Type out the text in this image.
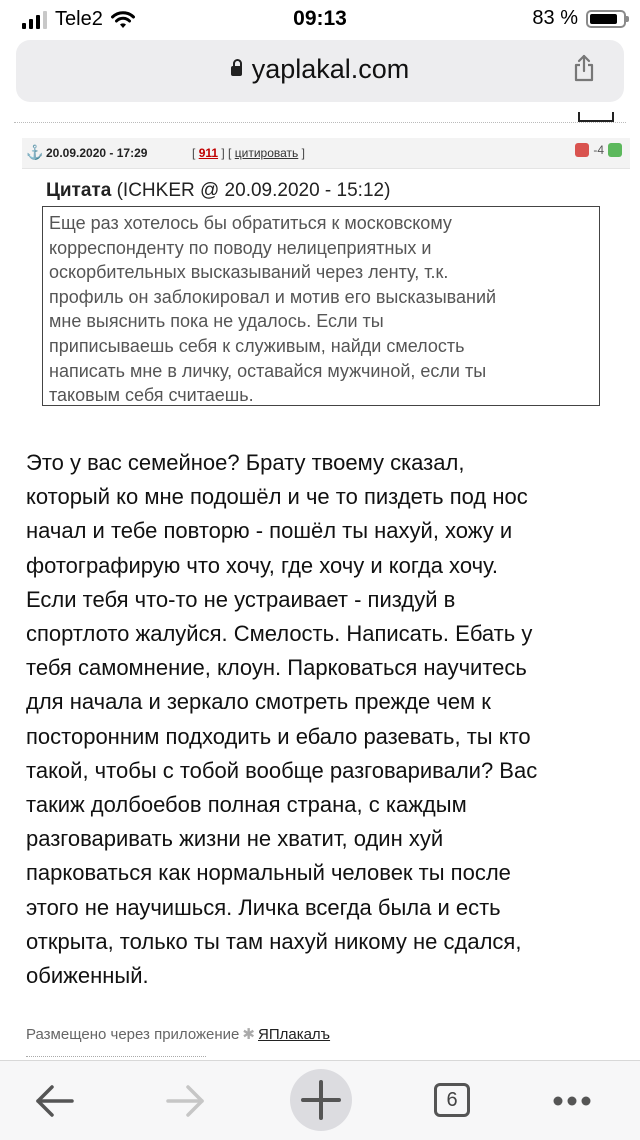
Tele2	09:13	83 %
yaplakal.com
⚓ 20.09.2020 - 17:29	[ 911 ] [ цитировать ]	-4
Цитата (ICHKER @ 20.09.2020 - 15:12)
Еще раз хотелось бы обратиться к московскому
корреспонденту по поводу нелицеприятных и
оскорбительных высказываний через ленту, т.к.
профиль он заблокировал и мотив его высказываний
мне выяснить пока не удалось. Если ты
приписываешь себя к служивым, найди смелость
написать мне в личку, оставайся мужчиной, если ты
таковым себя считаешь.
Это у вас семейное? Брату твоему сказал,
который ко мне подошёл и че то пиздеть под нос
начал и тебе повторю - пошёл ты нахуй, хожу и
фотографирую что хочу, где хочу и когда хочу.
Если тебя что-то не устраивает - пиздуй в
спортлото жалуйся. Смелость. Написать. Ебать у
тебя самомнение, клоун. Парковаться научитесь
для начала и зеркало смотреть прежде чем к
посторонним подходить и ебало разевать, ты кто
такой, чтобы с тобой вообще разговаривали? Вас
такиж долбоебов полная страна, с каждым
разговаривать жизни не хватит, один хуй
парковаться как нормальный человек ты после
этого не научишься. Личка всегда была и есть
открыта, только ты там нахуй никому не сдался,
обиженный.
Размещено через приложение ✱ ЯПлакалъ
6
